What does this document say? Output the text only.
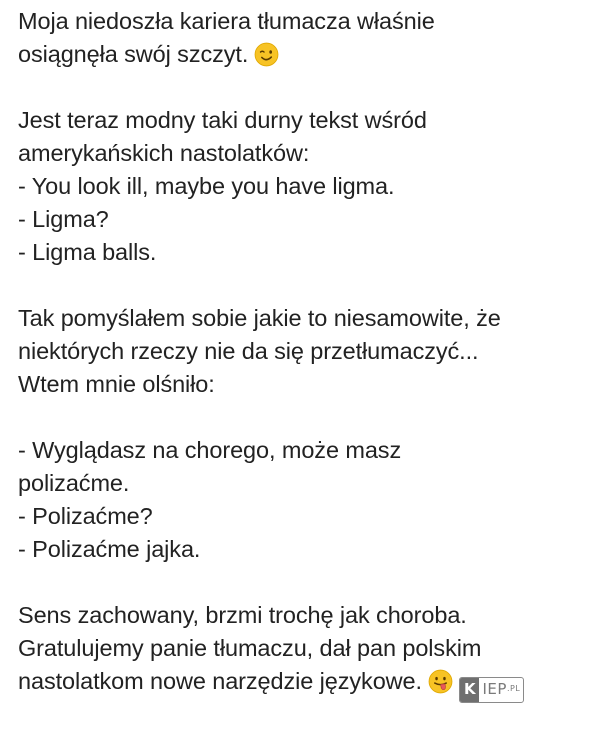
Moja niedoszła kariera tłumacza właśnie
osiągnęła swój szczyt.

Jest teraz modny taki durny tekst wśród
amerykańskich nastolatków:
- You look ill, maybe you have ligma.
- Ligma?
- Ligma balls.

Tak pomyślałem sobie jakie to niesamowite, że
niektórych rzeczy nie da się przetłumaczyć...
Wtem mnie olśniło:

- Wyglądasz na chorego, może masz
polizaćme.
- Polizaćme?
- Polizaćme jajka.

Sens zachowany, brzmi trochę jak choroba.
Gratulujemy panie tłumaczu, dał pan polskim
nastolatkom nowe narzędzie językowe.	K IEP.PL
